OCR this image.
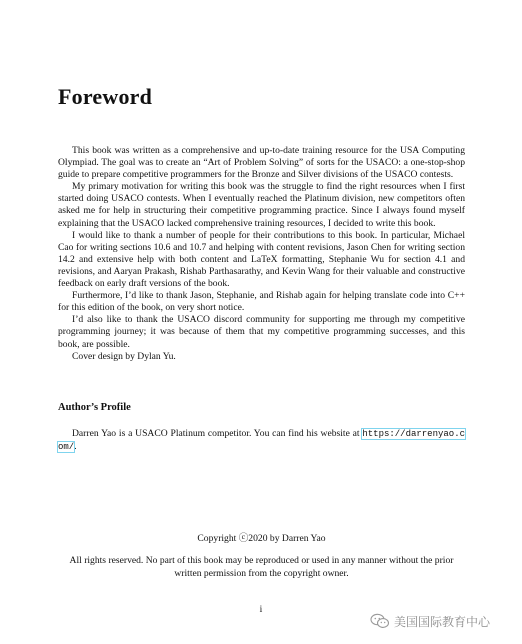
Foreword

This book was written as a comprehensive and up-to-date training resource for the USA Computing Olympiad. The goal was to create an “Art of Problem Solving” of sorts for the USACO: a one-stop-shop guide to prepare competitive programmers for the Bronze and Silver divisions of the USACO contests.

My primary motivation for writing this book was the struggle to find the right resources when I first started doing USACO contests. When I eventually reached the Platinum division, new competitors often asked me for help in structuring their competitive programming practice. Since I always found myself explaining that the USACO lacked comprehensive training resources, I decided to write this book.

I would like to thank a number of people for their contributions to this book. In particular, Michael Cao for writing sections 10.6 and 10.7 and helping with content revisions, Jason Chen for writing section 14.2 and extensive help with both content and LaTeX formatting, Stephanie Wu for section 4.1 and revisions, and Aaryan Prakash, Rishab Parthasarathy, and Kevin Wang for their valuable and constructive feedback on early draft versions of the book.

Furthermore, I’d like to thank Jason, Stephanie, and Rishab again for helping translate code into C++ for this edition of the book, on very short notice.

I’d also like to thank the USACO discord community for supporting me through my competitive programming journey; it was because of them that my competitive programming successes, and this book, are possible.

Cover design by Dylan Yu.

Author’s Profile

Darren Yao is a USACO Platinum competitor. You can find his website at https://darrenyao.com/.

Copyright ⓒ2020 by Darren Yao
All rights reserved. No part of this book may be reproduced or used in any manner without the prior written permission from the copyright owner.
i
美国国际教育中心
